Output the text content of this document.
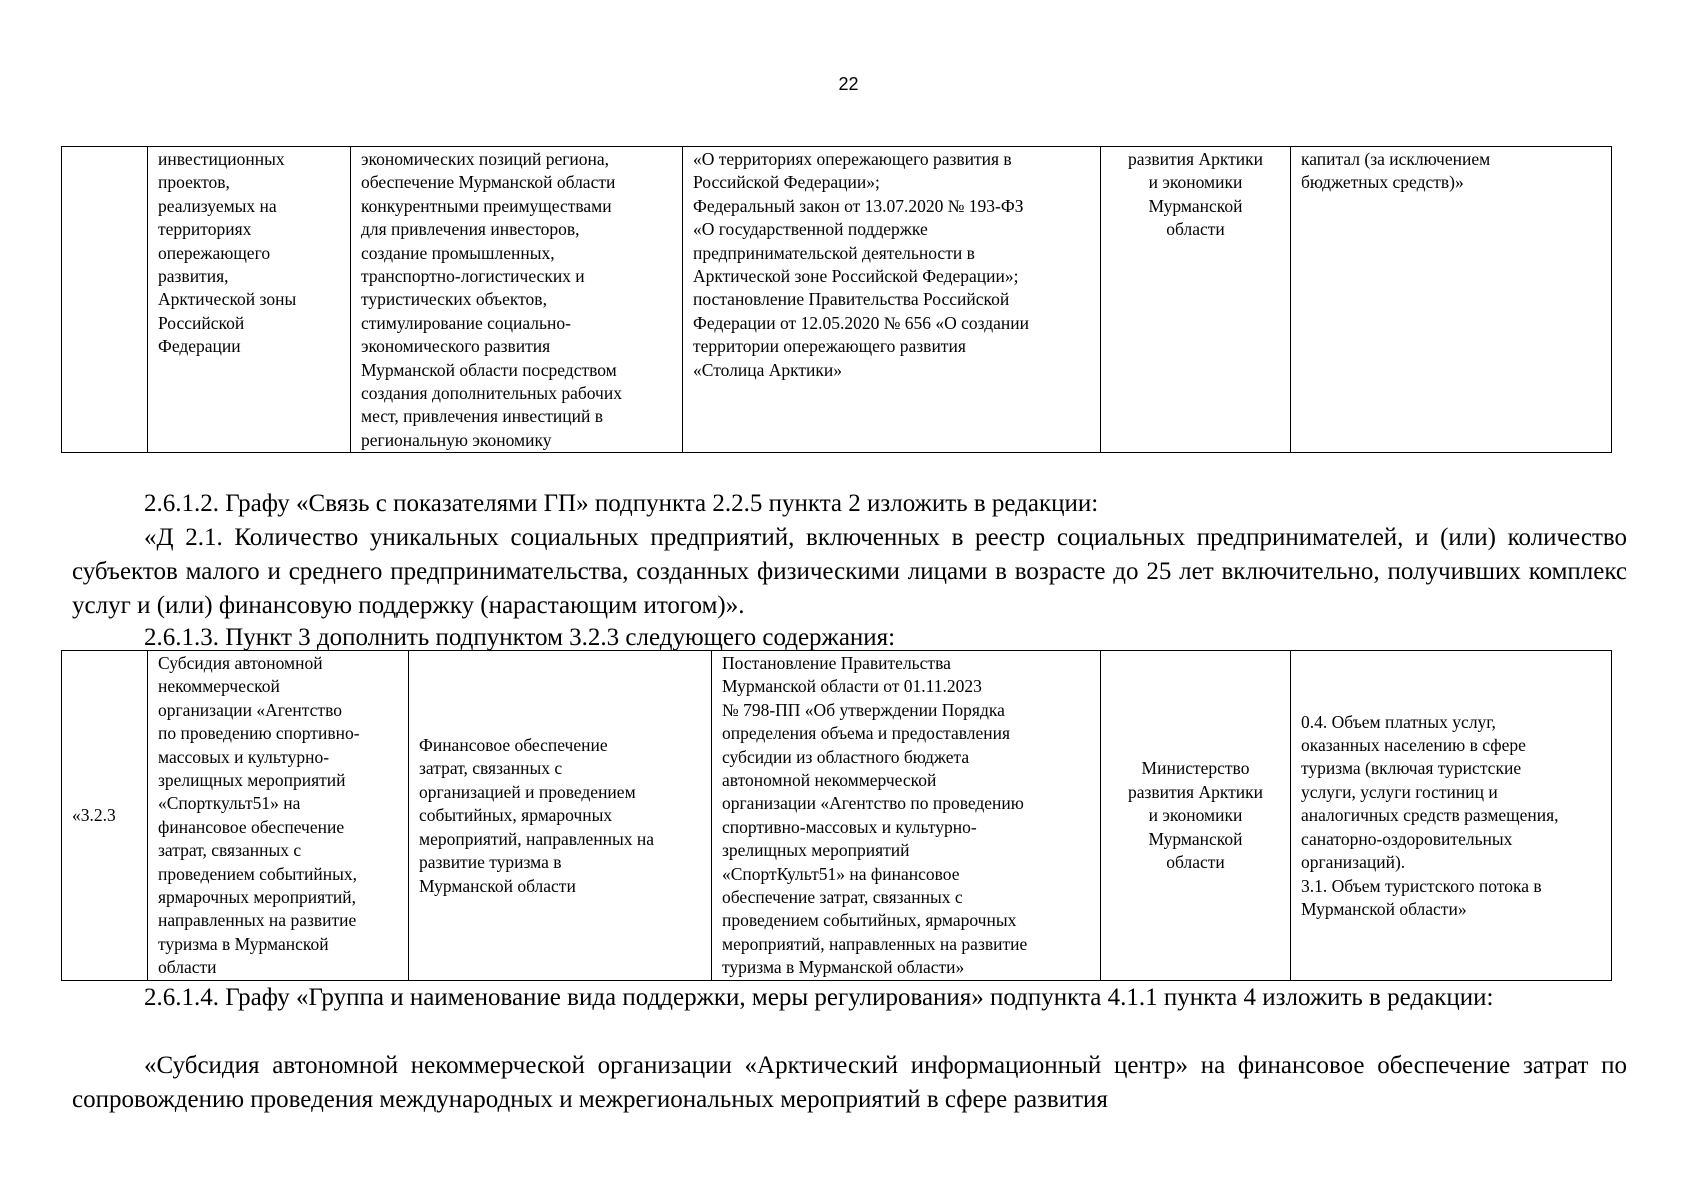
22
	инвестиционных
проектов,
реализуемых на
территориях
опережающего
развития,
Арктической зоны
Российской
Федерации	экономических позиций региона,
обеспечение Мурманской области
конкурентными преимуществами
для привлечения инвесторов,
создание промышленных,
транспортно-логистических и
туристических объектов,
стимулирование социально-
экономического развития
Мурманской области посредством
создания дополнительных рабочих
мест, привлечения инвестиций в
региональную экономику	«О территориях опережающего развития в
Российской Федерации»;
Федеральный закон от 13.07.2020 № 193-ФЗ
«О государственной поддержке
предпринимательской деятельности в
Арктической зоне Российской Федерации»;
постановление Правительства Российской
Федерации от 12.05.2020 № 656 «О создании
территории опережающего развития
«Столица Арктики»	развития Арктики
и экономики
Мурманской
области	капитал (за исключением
бюджетных средств)»
2.6.1.2. Графу «Связь с показателями ГП» подпункта 2.2.5 пункта 2 изложить в редакции:
«Д 2.1. Количество уникальных социальных предприятий, включенных в реестр социальных предпринимателей, и (или) количество субъектов малого и среднего предпринимательства, созданных физическими лицами в возрасте до 25 лет включительно, получивших комплекс услуг и (или) финансовую поддержку (нарастающим итогом)».
2.6.1.3. Пункт 3 дополнить подпунктом 3.2.3 следующего содержания:
«3.2.3	Субсидия автономной
некоммерческой
организации «Агентство
по проведению спортивно-
массовых и культурно-
зрелищных мероприятий
«Спорткульт51» на
финансовое обеспечение
затрат, связанных с
проведением событийных,
ярмарочных мероприятий,
направленных на развитие
туризма в Мурманской
области	Финансовое обеспечение
затрат, связанных с
организацией и проведением
событийных, ярмарочных
мероприятий, направленных на
развитие туризма в
Мурманской области	Постановление Правительства
Мурманской области от 01.11.2023
№ 798-ПП «Об утверждении Порядка
определения объема и предоставления
субсидии из областного бюджета
автономной некоммерческой
организации «Агентство по проведению
спортивно-массовых и культурно-
зрелищных мероприятий
«СпортКульт51» на финансовое
обеспечение затрат, связанных с
проведением событийных, ярмарочных
мероприятий, направленных на развитие
туризма в Мурманской области»	Министерство
развития Арктики
и экономики
Мурманской
области	0.4. Объем платных услуг,
оказанных населению в сфере
туризма (включая туристские
услуги, услуги гостиниц и
аналогичных средств размещения,
санаторно-оздоровительных
организаций).
3.1. Объем туристского потока в
Мурманской области»
2.6.1.4. Графу «Группа и наименование вида поддержки, меры регулирования» подпункта 4.1.1 пункта 4 изложить в редакции:
«Субсидия автономной некоммерческой организации «Арктический информационный центр» на финансовое обеспечение затрат по сопровождению проведения международных и межрегиональных мероприятий в сфере развития
